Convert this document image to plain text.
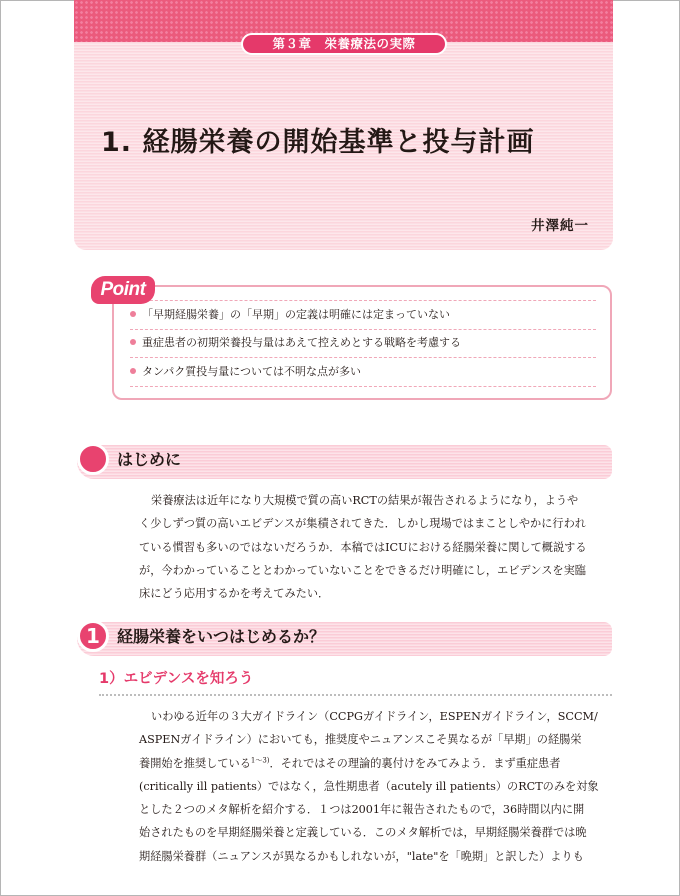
第３章　栄養療法の実際
1. 経腸栄養の開始基準と投与計画
井澤純一
「早期経腸栄養」の「早期」の定義は明確には定まっていない
重症患者の初期栄養投与量はあえて控えめとする戦略を考慮する
タンパク質投与量については不明な点が多い
Point
はじめに

栄養療法は近年になり大規模で質の高いRCTの結果が報告されるようになり，ようや
く少しずつ質の高いエビデンスが集積されてきた．しかし現場ではまことしやかに行われ
ている慣習も多いのではないだろうか．本稿ではICUにおける経腸栄養に関して概説する
が，今わかっていることとわかっていないことをできるだけ明確にし，エビデンスを実臨
床にどう応用するかを考えてみたい．

1	経腸栄養をいつはじめるか？
1）エビデンスを知ろう

いわゆる近年の３大ガイドライン（CCPGガイドライン，ESPENガイドライン，SCCM/
ASPENガイドライン）においても，推奨度やニュアンスこそ異なるが「早期」の経腸栄
養開始を推奨している$^{1〜3)}$．それではその理論的裏付けをみてみよう．まず重症患者
(critically ill patients）ではなく，急性期患者（acutely ill patients）のRCTのみを対象
とした２つのメタ解析を紹介する．１つは2001年に報告されたもので，36時間以内に開
始されたものを早期経腸栄養と定義している．このメタ解析では，早期経腸栄養群では晩
期経腸栄養群（ニュアンスが異なるかもしれないが，"late"を「晩期」と訳した）よりも
